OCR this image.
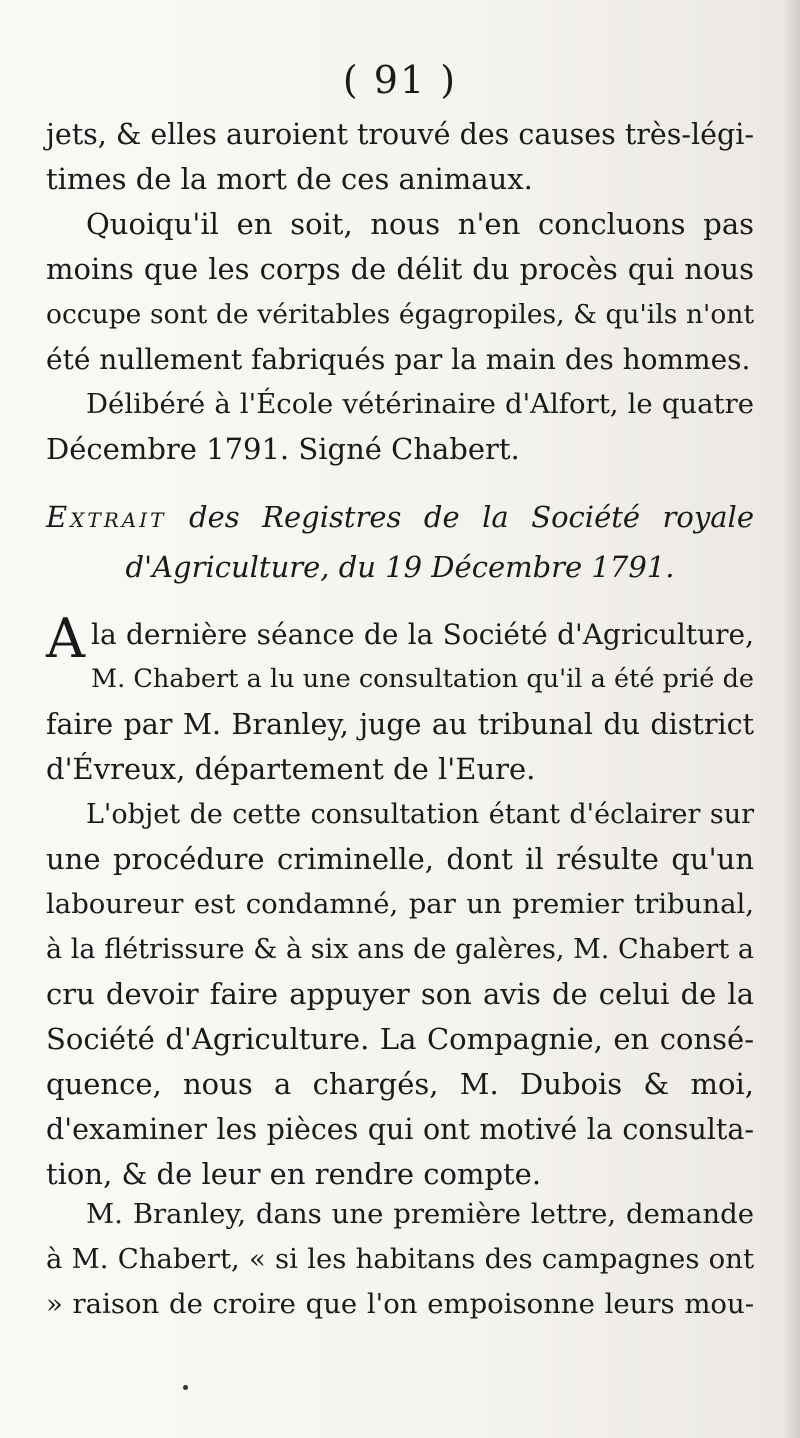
( 91 )
jets, & elles auroient trouvé des causes très-légi-
times de la mort de ces animaux.
Quoiqu'il en soit, nous n'en concluons pas
moins que les corps de délit du procès qui nous
occupe sont de véritables égagropiles, & qu'ils n'ont
été nullement fabriqués par la main des hommes.
Délibéré à l'École vétérinaire d'Alfort, le quatre
Décembre 1791. Signé Chabert.
Extrait des Registres de la Société royale
d'Agriculture, du 19 Décembre 1791.
Ala dernière séance de la Société d'Agriculture,
M. Chabert a lu une consultation qu'il a été prié de
faire par M. Branley, juge au tribunal du district
d'Évreux, département de l'Eure.
L'objet de cette consultation étant d'éclairer sur
une procédure criminelle, dont il résulte qu'un
laboureur est condamné, par un premier tribunal,
à la flétrissure & à six ans de galères, M. Chabert a
cru devoir faire appuyer son avis de celui de la
Société d'Agriculture. La Compagnie, en consé-
quence, nous a chargés, M. Dubois & moi,
d'examiner les pièces qui ont motivé la consulta-
tion, & de leur en rendre compte.
M. Branley, dans une première lettre, demande
à M. Chabert, « si les habitans des campagnes ont
» raison de croire que l'on empoisonne leurs mou-
